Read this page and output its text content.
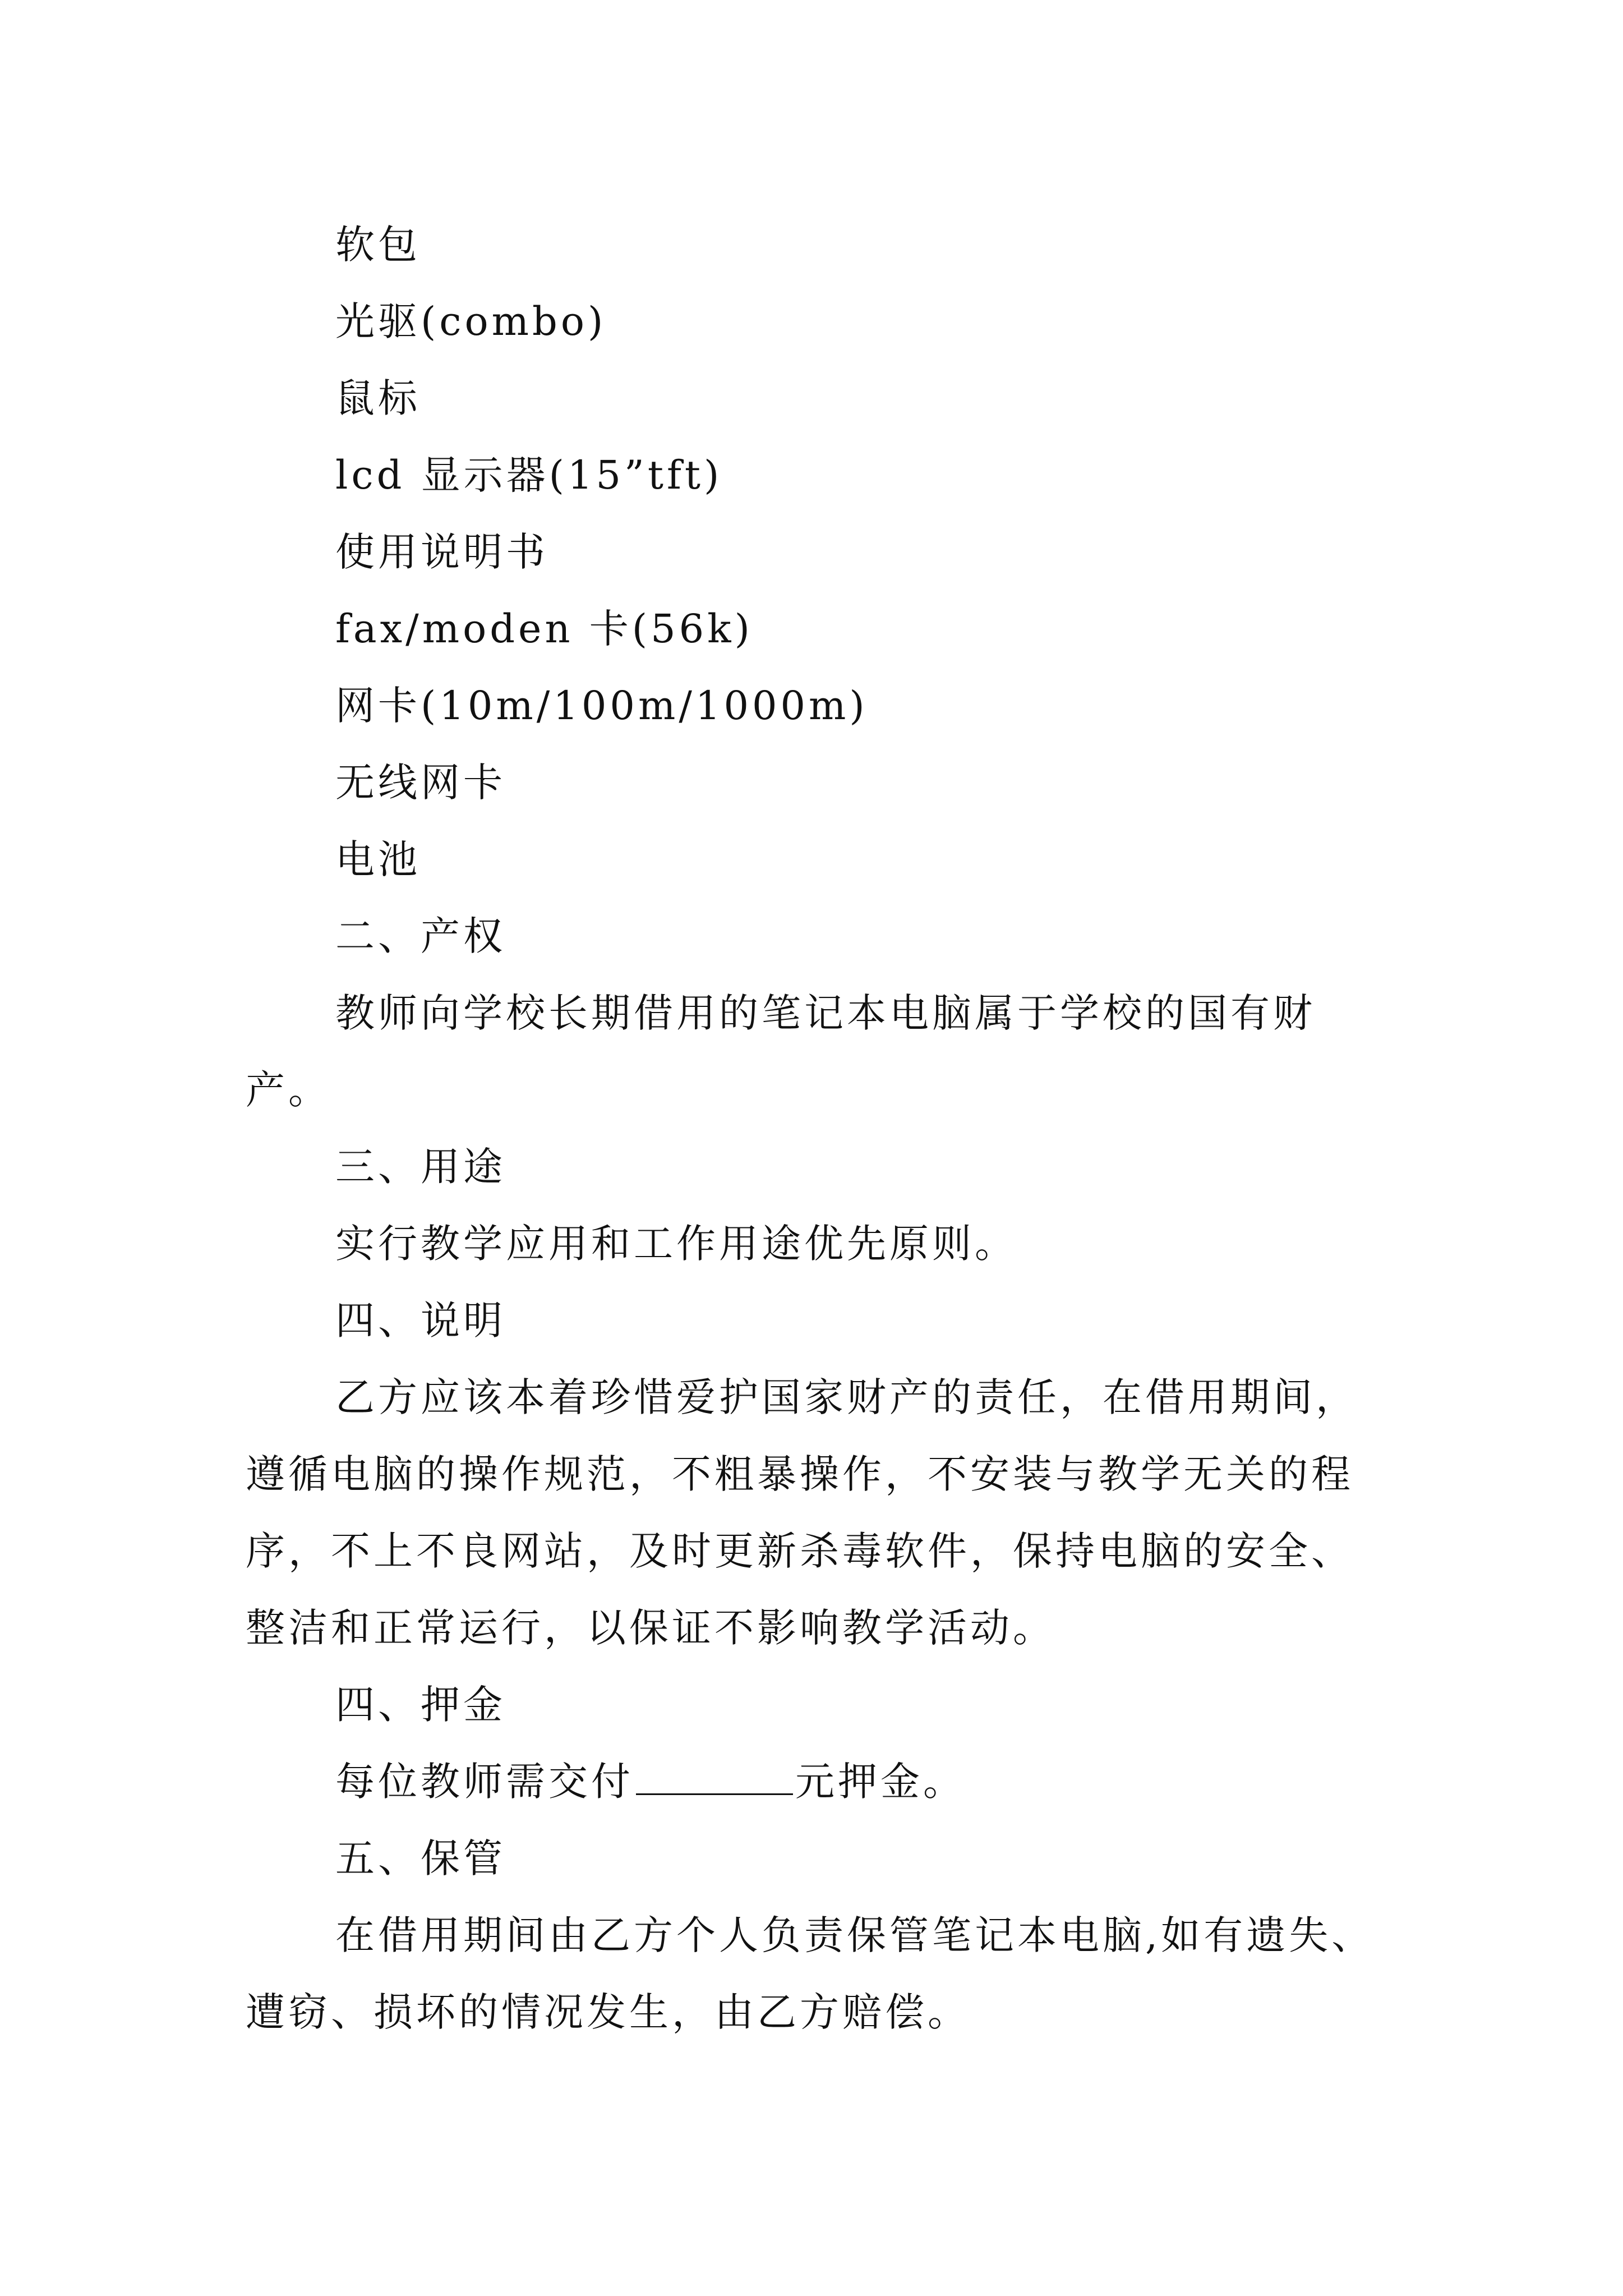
软包
光驱(combo)
鼠标
lcd 显示器(15”tft)
使用说明书
fax/moden 卡(56k)
网卡(10m/100m/1000m)
无线网卡
电池
二、产权
教师向学校长期借用的笔记本电脑属于学校的国有财
产。
三、用途
实行教学应用和工作用途优先原则。
四、说明
乙方应该本着珍惜爱护国家财产的责任，在借用期间，
遵循电脑的操作规范，不粗暴操作，不安装与教学无关的程
序，不上不良网站，及时更新杀毒软件，保持电脑的安全、
整洁和正常运行，以保证不影响教学活动。
四、押金
每位教师需交付	元押金。
五、保管
在借用期间由乙方个人负责保管笔记本电脑,如有遗失、
遭窃、损坏的情况发生，由乙方赔偿。
